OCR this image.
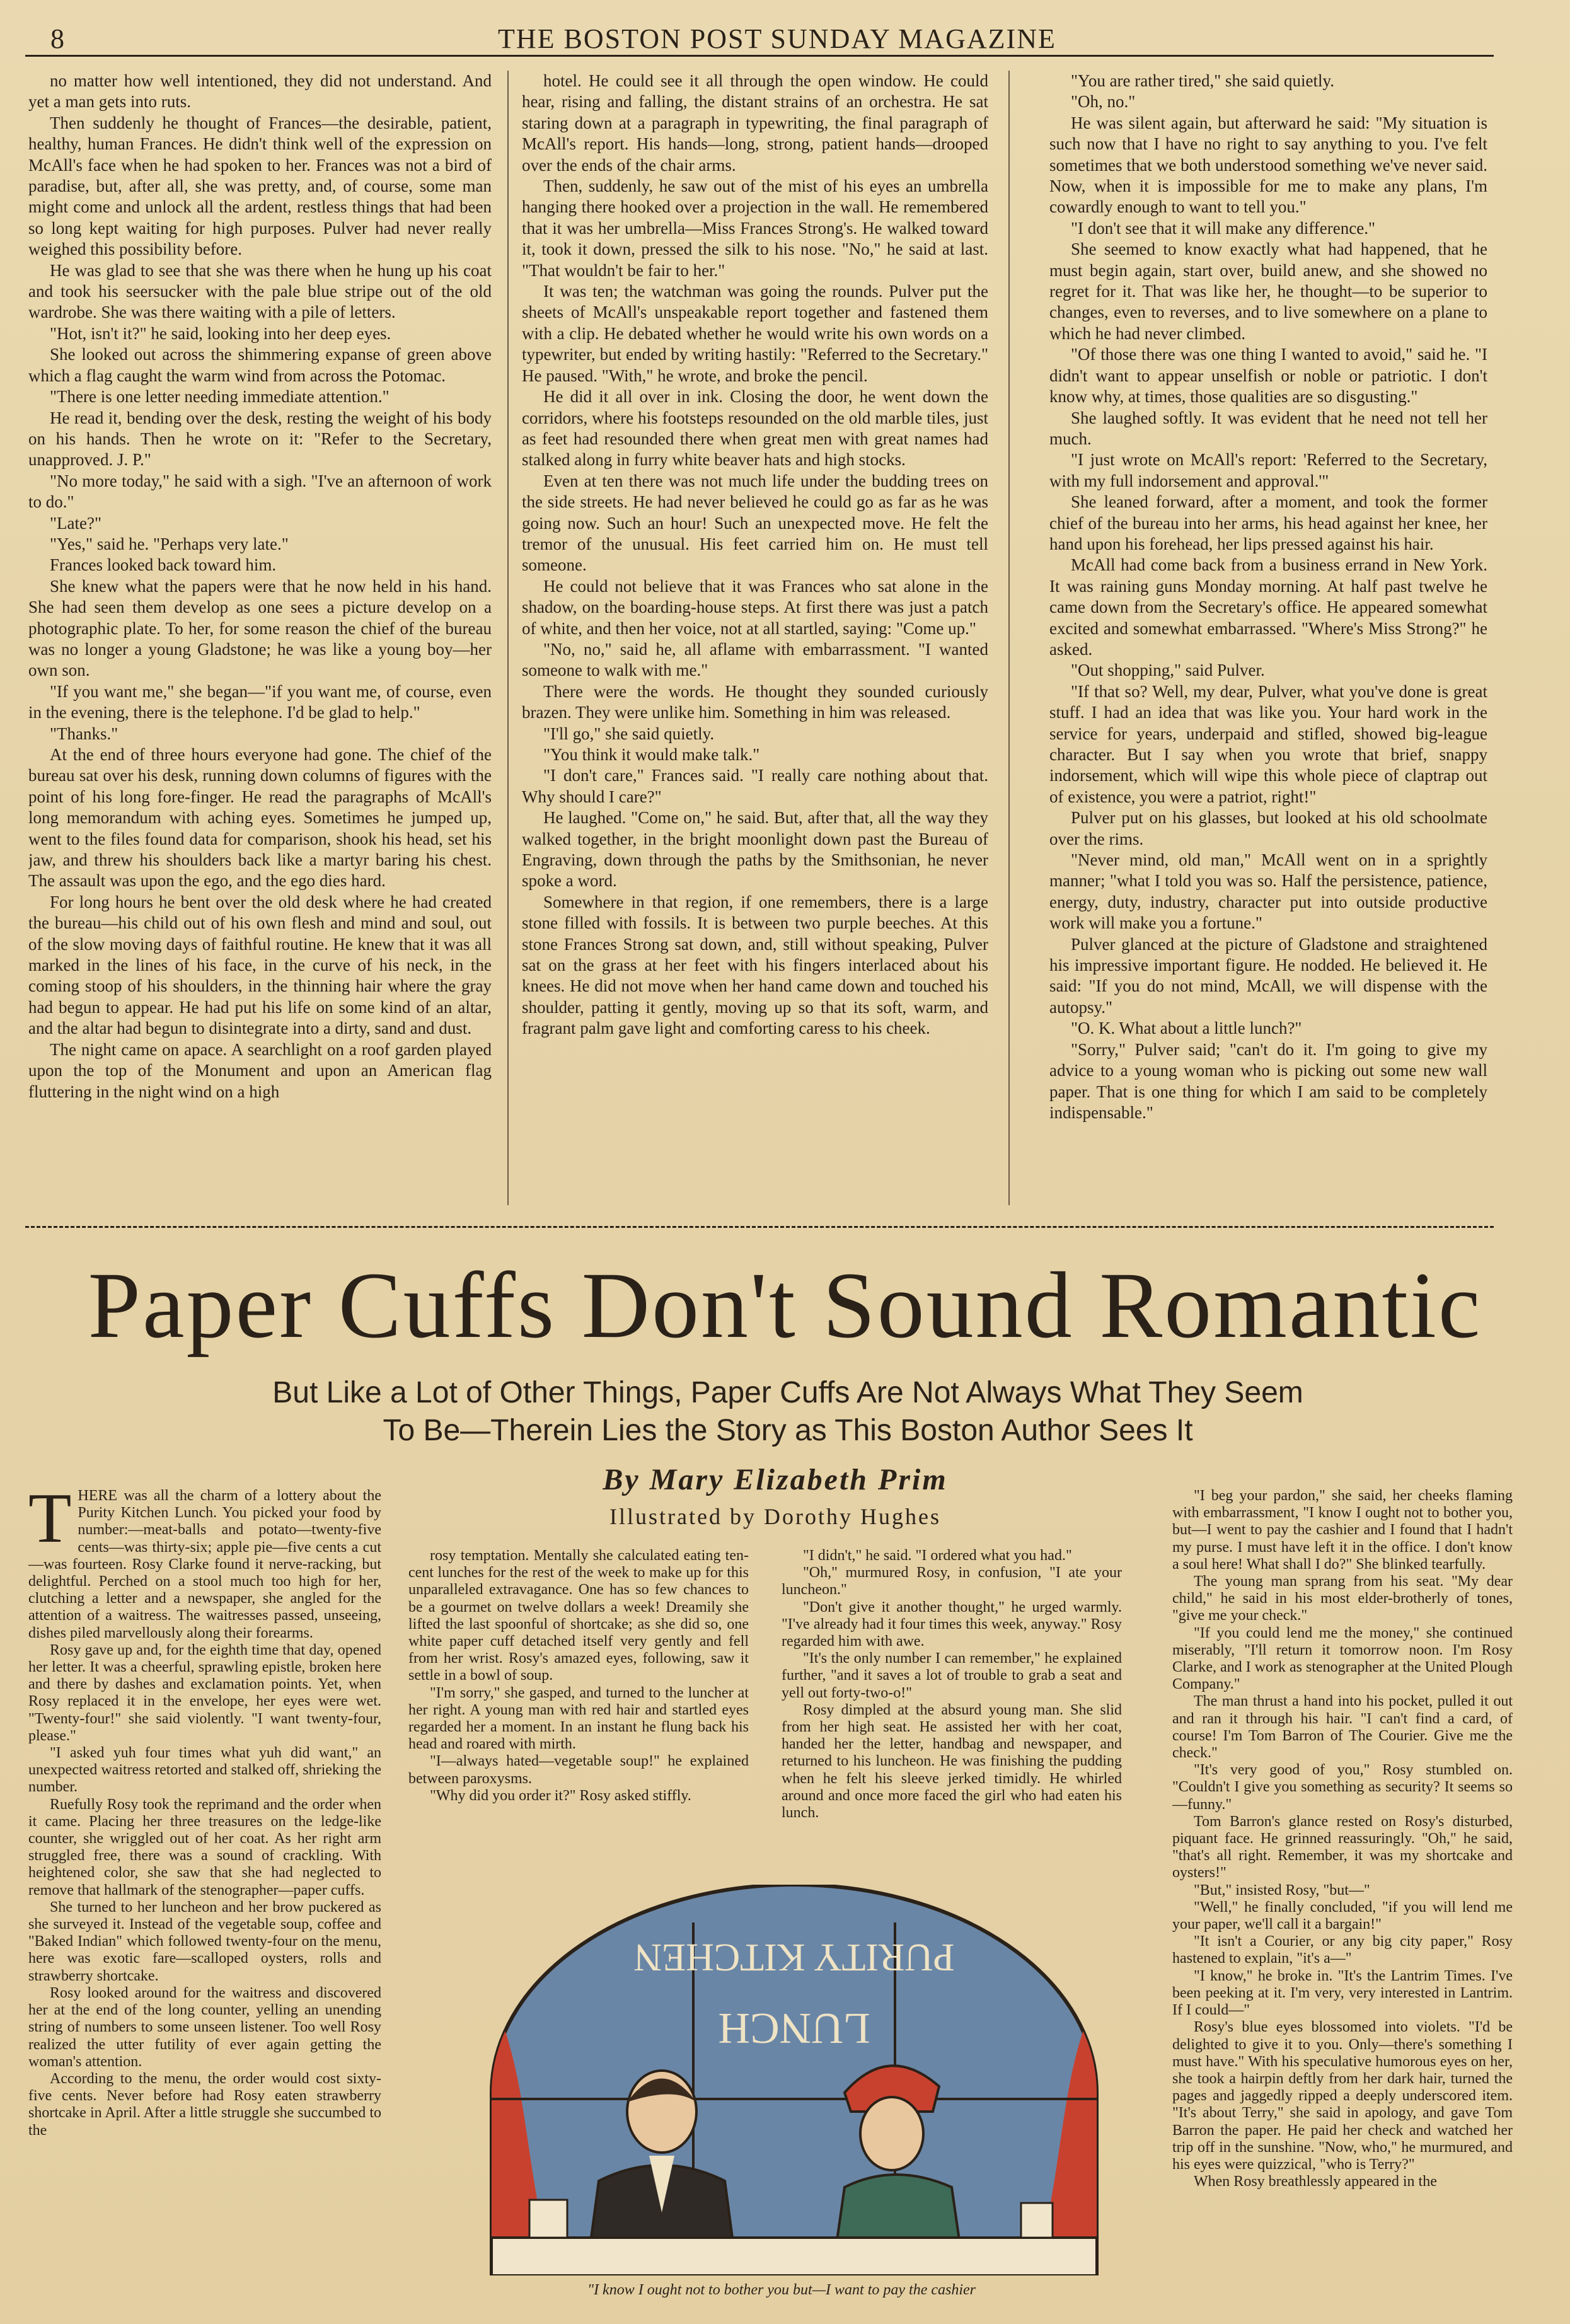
8	THE BOSTON POST SUNDAY MAGAZINE

no matter how well intentioned, they did not understand. And yet a man gets into ruts.

Then suddenly he thought of Frances—the desirable, patient, healthy, human Frances. He didn't think well of the expression on McAll's face when he had spoken to her. Frances was not a bird of paradise, but, after all, she was pretty, and, of course, some man might come and unlock all the ardent, restless things that had been so long kept waiting for high purposes. Pulver had never really weighed this possibility before.

He was glad to see that she was there when he hung up his coat and took his seersucker with the pale blue stripe out of the old wardrobe. She was there waiting with a pile of letters.

"Hot, isn't it?" he said, looking into her deep eyes.

She looked out across the shimmering expanse of green above which a flag caught the warm wind from across the Potomac.

"There is one letter needing immediate attention."

He read it, bending over the desk, resting the weight of his body on his hands. Then he wrote on it: "Refer to the Secretary, unapproved. J. P."

"No more today," he said with a sigh. "I've an afternoon of work to do."

"Late?"

"Yes," said he. "Perhaps very late."

Frances looked back toward him.

She knew what the papers were that he now held in his hand. She had seen them develop as one sees a picture develop on a photographic plate. To her, for some reason the chief of the bureau was no longer a young Gladstone; he was like a young boy—her own son.

"If you want me," she began—"if you want me, of course, even in the evening, there is the telephone. I'd be glad to help."

"Thanks."

At the end of three hours everyone had gone. The chief of the bureau sat over his desk, running down columns of figures with the point of his long fore-finger. He read the paragraphs of McAll's long memorandum with aching eyes. Sometimes he jumped up, went to the files found data for comparison, shook his head, set his jaw, and threw his shoulders back like a martyr baring his chest. The assault was upon the ego, and the ego dies hard.

For long hours he bent over the old desk where he had created the bureau—his child out of his own flesh and mind and soul, out of the slow moving days of faithful routine. He knew that it was all marked in the lines of his face, in the curve of his neck, in the coming stoop of his shoulders, in the thinning hair where the gray had begun to appear. He had put his life on some kind of an altar, and the altar had begun to disintegrate into a dirty, sand and dust.

The night came on apace. A searchlight on a roof garden played upon the top of the Monument and upon an American flag fluttering in the night wind on a high

hotel. He could see it all through the open window. He could hear, rising and falling, the distant strains of an orchestra. He sat staring down at a paragraph in typewriting, the final paragraph of McAll's report. His hands—long, strong, patient hands—drooped over the ends of the chair arms.

Then, suddenly, he saw out of the mist of his eyes an umbrella hanging there hooked over a projection in the wall. He remembered that it was her umbrella—Miss Frances Strong's. He walked toward it, took it down, pressed the silk to his nose. "No," he said at last. "That wouldn't be fair to her."

It was ten; the watchman was going the rounds. Pulver put the sheets of McAll's unspeakable report together and fastened them with a clip. He debated whether he would write his own words on a typewriter, but ended by writing hastily: "Referred to the Secretary." He paused. "With," he wrote, and broke the pencil.

He did it all over in ink. Closing the door, he went down the corridors, where his footsteps resounded on the old marble tiles, just as feet had resounded there when great men with great names had stalked along in furry white beaver hats and high stocks.

Even at ten there was not much life under the budding trees on the side streets. He had never believed he could go as far as he was going now. Such an hour! Such an unexpected move. He felt the tremor of the unusual. His feet carried him on. He must tell someone.

He could not believe that it was Frances who sat alone in the shadow, on the boarding-house steps. At first there was just a patch of white, and then her voice, not at all startled, saying: "Come up."

"No, no," said he, all aflame with embarrassment. "I wanted someone to walk with me."

There were the words. He thought they sounded curiously brazen. They were unlike him. Something in him was released.

"I'll go," she said quietly.

"You think it would make talk."

"I don't care," Frances said. "I really care nothing about that. Why should I care?"

He laughed. "Come on," he said. But, after that, all the way they walked together, in the bright moonlight down past the Bureau of Engraving, down through the paths by the Smithsonian, he never spoke a word.

Somewhere in that region, if one remembers, there is a large stone filled with fossils. It is between two purple beeches. At this stone Frances Strong sat down, and, still without speaking, Pulver sat on the grass at her feet with his fingers interlaced about his knees. He did not move when her hand came down and touched his shoulder, patting it gently, moving up so that its soft, warm, and fragrant palm gave light and comforting caress to his cheek.

"You are rather tired," she said quietly.

"Oh, no."

He was silent again, but afterward he said: "My situation is such now that I have no right to say anything to you. I've felt sometimes that we both understood something we've never said. Now, when it is impossible for me to make any plans, I'm cowardly enough to want to tell you."

"I don't see that it will make any difference."

She seemed to know exactly what had happened, that he must begin again, start over, build anew, and she showed no regret for it. That was like her, he thought—to be superior to changes, even to reverses, and to live somewhere on a plane to which he had never climbed.

"Of those there was one thing I wanted to avoid," said he. "I didn't want to appear unselfish or noble or patriotic. I don't know why, at times, those qualities are so disgusting."

She laughed softly. It was evident that he need not tell her much.

"I just wrote on McAll's report: 'Referred to the Secretary, with my full indorsement and approval.'"

She leaned forward, after a moment, and took the former chief of the bureau into her arms, his head against her knee, her hand upon his forehead, her lips pressed against his hair.

McAll had come back from a business errand in New York. It was raining guns Monday morning. At half past twelve he came down from the Secretary's office. He appeared somewhat excited and somewhat embarrassed. "Where's Miss Strong?" he asked.

"Out shopping," said Pulver.

"If that so? Well, my dear, Pulver, what you've done is great stuff. I had an idea that was like you. Your hard work in the service for years, underpaid and stifled, showed big-league character. But I say when you wrote that brief, snappy indorsement, which will wipe this whole piece of claptrap out of existence, you were a patriot, right!"

Pulver put on his glasses, but looked at his old schoolmate over the rims.

"Never mind, old man," McAll went on in a sprightly manner; "what I told you was so. Half the persistence, patience, energy, duty, industry, character put into outside productive work will make you a fortune."

Pulver glanced at the picture of Gladstone and straightened his impressive important figure. He nodded. He believed it. He said: "If you do not mind, McAll, we will dispense with the autopsy."

"O. K. What about a little lunch?"

"Sorry," Pulver said; "can't do it. I'm going to give my advice to a young woman who is picking out some new wall paper. That is one thing for which I am said to be completely indispensable."

Paper Cuffs Don't Sound Romantic
But Like a Lot of Other Things, Paper Cuffs Are Not Always What They Seem
To Be—Therein Lies the Story as This Boston Author Sees It
By Mary Elizabeth Prim
Illustrated by Dorothy Hughes

THERE was all the charm of a lottery about the Purity Kitchen Lunch. You picked your food by number:—meat-balls and potato—twenty-five cents—was thirty-six; apple pie—five cents a cut—was fourteen. Rosy Clarke found it nerve-racking, but delightful. Perched on a stool much too high for her, clutching a letter and a newspaper, she angled for the attention of a waitress. The waitresses passed, unseeing, dishes piled marvellously along their forearms.

Rosy gave up and, for the eighth time that day, opened her letter. It was a cheerful, sprawling epistle, broken here and there by dashes and exclamation points. Yet, when Rosy replaced it in the envelope, her eyes were wet. "Twenty-four!" she said violently. "I want twenty-four, please."

"I asked yuh four times what yuh did want," an unexpected waitress retorted and stalked off, shrieking the number.

Ruefully Rosy took the reprimand and the order when it came. Placing her three treasures on the ledge-like counter, she wriggled out of her coat. As her right arm struggled free, there was a sound of crackling. With heightened color, she saw that she had neglected to remove that hallmark of the stenographer—paper cuffs.

She turned to her luncheon and her brow puckered as she surveyed it. Instead of the vegetable soup, coffee and "Baked Indian" which followed twenty-four on the menu, here was exotic fare—scalloped oysters, rolls and strawberry shortcake.

Rosy looked around for the waitress and discovered her at the end of the long counter, yelling an unending string of numbers to some unseen listener. Too well Rosy realized the utter futility of ever again getting the woman's attention.

According to the menu, the order would cost sixty-five cents. Never before had Rosy eaten strawberry shortcake in April. After a little struggle she succumbed to the

rosy temptation. Mentally she calculated eating ten-cent lunches for the rest of the week to make up for this unparalleled extravagance. One has so few chances to be a gourmet on twelve dollars a week! Dreamily she lifted the last spoonful of shortcake; as she did so, one white paper cuff detached itself very gently and fell from her wrist. Rosy's amazed eyes, following, saw it settle in a bowl of soup.

"I'm sorry," she gasped, and turned to the luncher at her right. A young man with red hair and startled eyes regarded her a moment. In an instant he flung back his head and roared with mirth.

"I—always hated—vegetable soup!" he explained between paroxysms.

"Why did you order it?" Rosy asked stiffly.

"I didn't," he said. "I ordered what you had."

"Oh," murmured Rosy, in confusion, "I ate your luncheon."

"Don't give it another thought," he urged warmly. "I've already had it four times this week, anyway." Rosy regarded him with awe.

"It's the only number I can remember," he explained further, "and it saves a lot of trouble to grab a seat and yell out forty-two-o!"

Rosy dimpled at the absurd young man. She slid from her high seat. He assisted her with her coat, handed her the letter, handbag and newspaper, and returned to his luncheon. He was finishing the pudding when he felt his sleeve jerked timidly. He whirled around and once more faced the girl who had eaten his lunch.

"I beg your pardon," she said, her cheeks flaming with embarrassment, "I know I ought not to bother you, but—I went to pay the cashier and I found that I hadn't my purse. I must have left it in the office. I don't know a soul here! What shall I do?" She blinked tearfully.

The young man sprang from his seat. "My dear child," he said in his most elder-brotherly of tones, "give me your check."

"If you could lend me the money," she continued miserably, "I'll return it tomorrow noon. I'm Rosy Clarke, and I work as stenographer at the United Plough Company."

The man thrust a hand into his pocket, pulled it out and ran it through his hair. "I can't find a card, of course! I'm Tom Barron of The Courier. Give me the check."

"It's very good of you," Rosy stumbled on. "Couldn't I give you something as security? It seems so—funny."

Tom Barron's glance rested on Rosy's disturbed, piquant face. He grinned reassuringly. "Oh," he said, "that's all right. Remember, it was my shortcake and oysters!"

"But," insisted Rosy, "but—"

"Well," he finally concluded, "if you will lend me your paper, we'll call it a bargain!"

"It isn't a Courier, or any big city paper," Rosy hastened to explain, "it's a—"

"I know," he broke in. "It's the Lantrim Times. I've been peeking at it. I'm very, very interested in Lantrim. If I could—"

Rosy's blue eyes blossomed into violets. "I'd be delighted to give it to you. Only—there's something I must have." With his speculative humorous eyes on her, she took a hairpin deftly from her dark hair, turned the pages and jaggedly ripped a deeply underscored item. "It's about Terry," she said in apology, and gave Tom Barron the paper. He paid her check and watched her trip off in the sunshine. "Now, who," he murmured, and his eyes were quizzical, "who is Terry?"

When Rosy breathlessly appeared in the

PURITY KITCHEN
LUNCH
"I know I ought not to bother you but—I want to pay the cashier
